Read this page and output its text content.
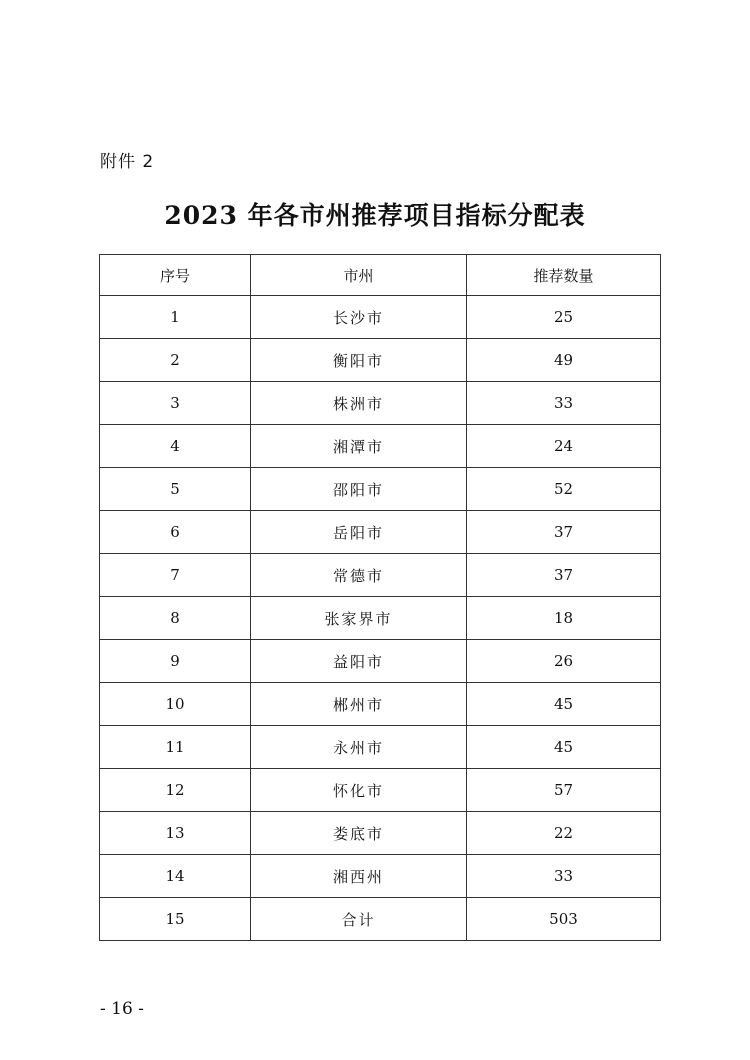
附件 2
2023 年各市州推荐项目指标分配表
序号	市州	推荐数量
1	长沙市	25
2	衡阳市	49
3	株洲市	33
4	湘潭市	24
5	邵阳市	52
6	岳阳市	37
7	常德市	37
8	张家界市	18
9	益阳市	26
10	郴州市	45
11	永州市	45
12	怀化市	57
13	娄底市	22
14	湘西州	33
15	合计	503
- 16 -
